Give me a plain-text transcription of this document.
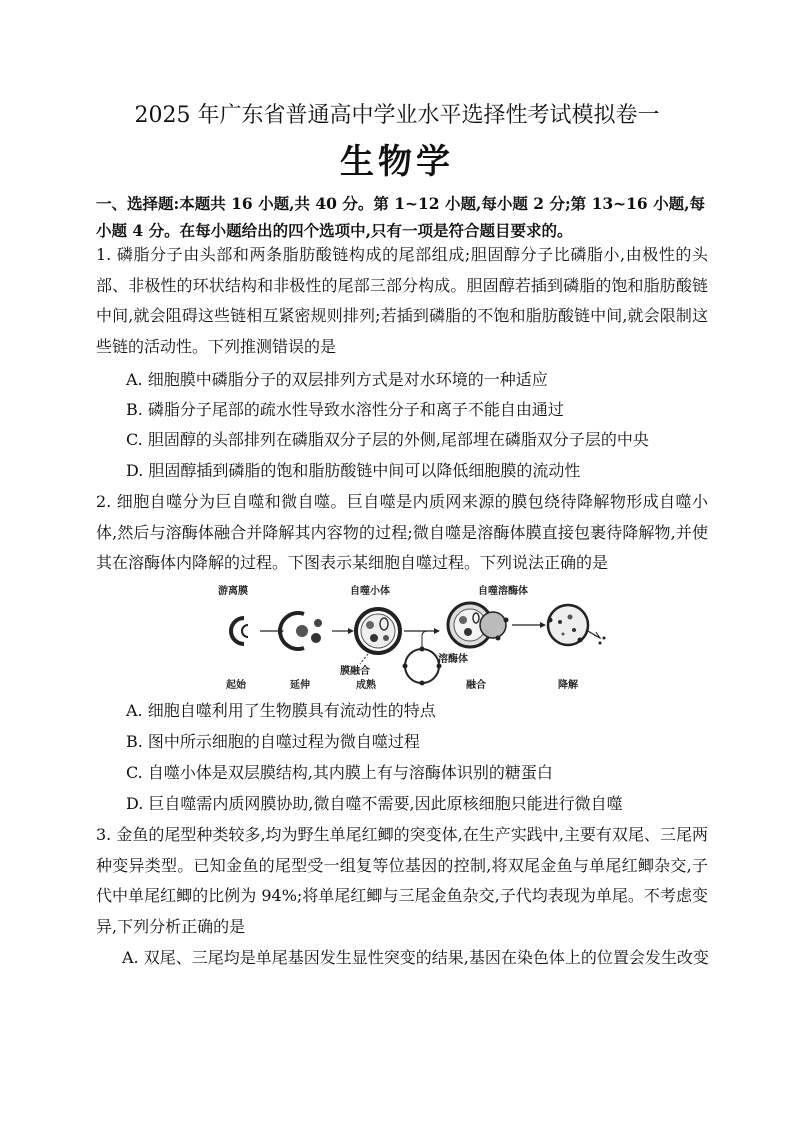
2025 年广东省普通高中学业水平选择性考试模拟卷一
生物学
一、选择题:本题共 16 小题,共 40 分。第 1~12 小题,每小题 2 分;第 13~16 小题,每小题 4 分。在每小题给出的四个选项中,只有一项是符合题目要求的。
1. 磷脂分子由头部和两条脂肪酸链构成的尾部组成;胆固醇分子比磷脂小,由极性的头部、非极性的环状结构和非极性的尾部三部分构成。胆固醇若插到磷脂的饱和脂肪酸链中间,就会阻碍这些链相互紧密规则排列;若插到磷脂的不饱和脂肪酸链中间,就会限制这些链的活动性。下列推测错误的是
A. 细胞膜中磷脂分子的双层排列方式是对水环境的一种适应
B. 磷脂分子尾部的疏水性导致水溶性分子和离子不能自由通过
C. 胆固醇的头部排列在磷脂双分子层的外侧,尾部埋在磷脂双分子层的中央
D. 胆固醇插到磷脂的饱和脂肪酸链中间可以降低细胞膜的流动性
2. 细胞自噬分为巨自噬和微自噬。巨自噬是内质网来源的膜包绕待降解物形成自噬小体,然后与溶酶体融合并降解其内容物的过程;微自噬是溶酶体膜直接包裹待降解物,并使其在溶酶体内降解的过程。下图表示某细胞自噬过程。下列说法正确的是
游离膜	自噬小体	自噬溶酶体
膜融合
溶酶体
起始	延伸	成熟	融合	降解
A. 细胞自噬利用了生物膜具有流动性的特点
B. 图中所示细胞的自噬过程为微自噬过程
C. 自噬小体是双层膜结构,其内膜上有与溶酶体识别的糖蛋白
D. 巨自噬需内质网膜协助,微自噬不需要,因此原核细胞只能进行微自噬
3. 金鱼的尾型种类较多,均为野生单尾红鲫的突变体,在生产实践中,主要有双尾、三尾两种变异类型。已知金鱼的尾型受一组复等位基因的控制,将双尾金鱼与单尾红鲫杂交,子代中单尾红鲫的比例为 94%;将单尾红鲫与三尾金鱼杂交,子代均表现为单尾。不考虑变异,下列分析正确的是
A. 双尾、三尾均是单尾基因发生显性突变的结果,基因在染色体上的位置会发生改变
